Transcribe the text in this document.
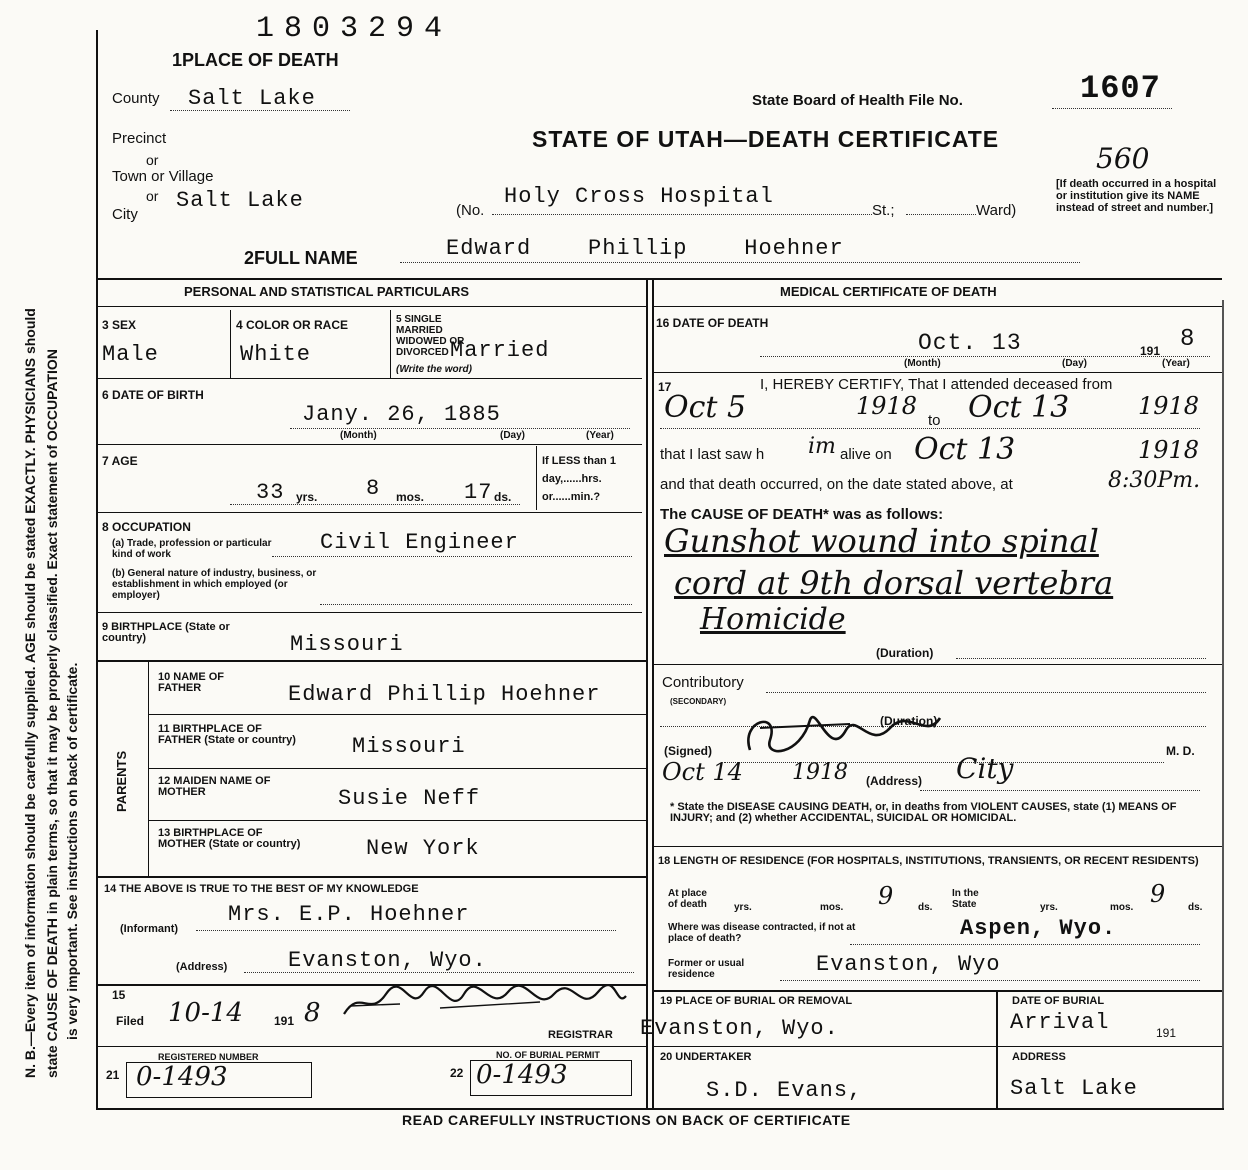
N. B.—Every item of information should be carefully supplied. AGE should be stated EXACTLY. PHYSICIANS should state CAUSE OF DEATH in plain terms, so that it may be properly classified. Exact statement of OCCUPATION is very important. See instructions on back of certificate.
1803294
1PLACE OF DEATH
County Salt Lake	State Board of Health File No.	1607
Precinct	STATE OF UTAH—DEATH CERTIFICATE
560
or
Town or Village
or
City
Salt Lake	(No.
Holy Cross Hospital
St.;	Ward)
[If death occurred in a hospital or institution give its NAME instead of street and number.]
2FULL NAME	Edward    Phillip    Hoehner
PERSONAL AND STATISTICAL PARTICULARS
3 SEX
Male
4 COLOR OR RACE
White
5 SINGLE MARRIED WIDOWED OR DIVORCED Married
(Write the word)
6 DATE OF BIRTH
Jany. 26, 1885
(Month)	(Day)	(Year)
7 AGE
33 yrs. 8 mos. 17 ds.
If LESS than 1 day,......hrs. or......min.?
8 OCCUPATION
(a) Trade, profession or particular kind of work	Civil Engineer
(b) General nature of industry, business, or establishment in which employed (or employer)
9 BIRTHPLACE (State or country)	Missouri
PARENTS
10 NAME OF FATHER	Edward Phillip Hoehner
11 BIRTHPLACE OF FATHER (State or country)	Missouri
12 MAIDEN NAME OF MOTHER	Susie Neff
13 BIRTHPLACE OF MOTHER (State or country)	New York
14 THE ABOVE IS TRUE TO THE BEST OF MY KNOWLEDGE
(Informant)
Mrs. E.P. Hoehner
(Address)	Evanston, Wyo.
15
Filed 10-14	191 8
REGISTRAR
REGISTERED NUMBER
21 0-1493
NO. OF BURIAL PERMIT
22 0-1493
MEDICAL CERTIFICATE OF DEATH
16 DATE OF DEATH
Oct. 13	191 8
(Month)	(Day)	(Year)
17	I, HEREBY CERTIFY, That I attended deceased from
Oct 5	1918
to Oct 13	1918
that I last saw h im alive on Oct 13	1918
and that death occurred, on the date stated above, at	8:30Pm.
The CAUSE OF DEATH* was as follows:
Gunshot wound into spinal
cord at 9th dorsal vertebra
Homicide
(Duration)
Contributory
(SECONDARY)
(Duration)
(Signed)	M. D.
Oct 14 1918 (Address) City
* State the DISEASE CAUSING DEATH, or, in deaths from VIOLENT CAUSES, state (1) MEANS OF INJURY; and (2) whether ACCIDENTAL, SUICIDAL OR HOMICIDAL.
18 LENGTH OF RESIDENCE (FOR HOSPITALS, INSTITUTIONS, TRANSIENTS, OR RECENT RESIDENTS)
At place of death	yrs.	mos. 9 ds.
In the State	yrs.	mos. 9 ds.
Where was disease contracted, if not at place of death?	Aspen, Wyo.
Former or usual residence	Evanston, Wyo
19 PLACE OF BURIAL OR REMOVAL
Evanston, Wyo.
DATE OF BURIAL
Arrival	191
20 UNDERTAKER
S.D. Evans,
ADDRESS
Salt Lake
READ CAREFULLY INSTRUCTIONS ON BACK OF CERTIFICATE
